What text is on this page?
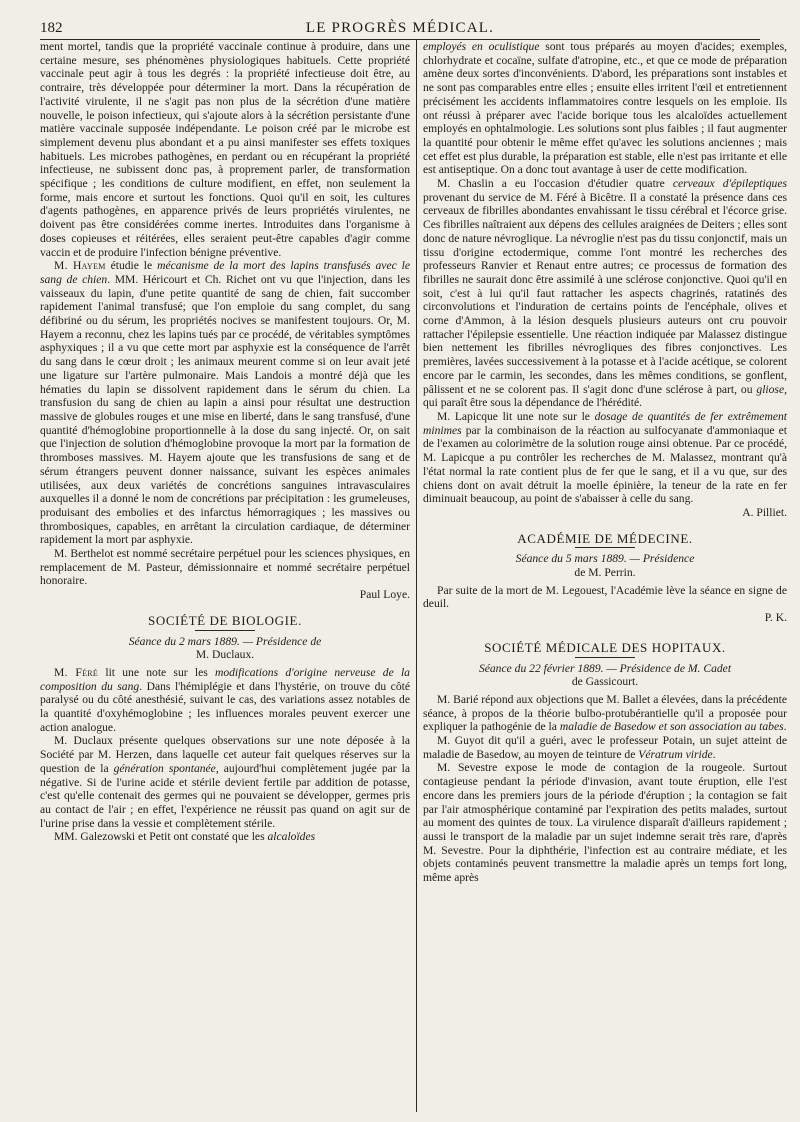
182	LE PROGRÈS MÉDICAL.

ment mortel, tandis que la propriété vaccinale continue à produire, dans une certaine mesure, ses phénomènes physiologiques habituels. Cette propriété vaccinale peut agir à tous les degrés : la propriété infectieuse doit être, au contraire, très développée pour déterminer la mort. Dans la récupération de l'activité virulente, il ne s'agit pas non plus de la sécrétion d'une matière nouvelle, le poison infectieux, qui s'ajoute alors à la sécrétion persistante d'une matière vaccinale supposée indépendante. Le poison créé par le microbe est simplement devenu plus abondant et a pu ainsi manifester ses effets toxiques habituels. Les microbes pathogènes, en perdant ou en récupérant la propriété infectieuse, ne subissent donc pas, à proprement parler, de transformation spécifique ; les conditions de culture modifient, en effet, non seulement la forme, mais encore et surtout les fonctions. Quoi qu'il en soit, les cultures d'agents pathogènes, en apparence privés de leurs propriétés virulentes, ne doivent pas être considérées comme inertes. Introduites dans l'organisme à doses copieuses et réitérées, elles seraient peut-être capables d'agir comme vaccin et de produire l'infection bénigne préventive.

M. Hayem étudie le mécanisme de la mort des lapins transfusés avec le sang de chien. MM. Héricourt et Ch. Richet ont vu que l'injection, dans les vaisseaux du lapin, d'une petite quantité de sang de chien, fait succomber rapidement l'animal transfusé; que l'on emploie du sang complet, du sang défibriné ou du sérum, les propriétés nocives se manifestent toujours. Or, M. Hayem a reconnu, chez les lapins tués par ce procédé, de véritables symptômes asphyxiques ; il a vu que cette mort par asphyxie est la conséquence de l'arrêt du sang dans le cœur droit ; les animaux meurent comme si on leur avait jeté une ligature sur l'artère pulmonaire. Mais Landois a montré déjà que les hématies du lapin se dissolvent rapidement dans le sérum du chien. La transfusion du sang de chien au lapin a ainsi pour résultat une destruction massive de globules rouges et une mise en liberté, dans le sang transfusé, d'une quantité d'hémoglobine proportionnelle à la dose du sang injecté. Or, on sait que l'injection de solution d'hémoglobine provoque la mort par la formation de thromboses massives. M. Hayem ajoute que les transfusions de sang et de sérum étrangers peuvent donner naissance, suivant les espèces animales utilisées, aux deux variétés de concrétions sanguines intravasculaires auxquelles il a donné le nom de concrétions par précipitation : les grumeleuses, produisant des embolies et des infarctus hémorragiques ; les massives ou thrombosiques, capables, en arrêtant la circulation cardiaque, de déterminer rapidement la mort par asphyxie.

M. Berthelot est nommé secrétaire perpétuel pour les sciences physiques, en remplacement de M. Pasteur, démissionnaire et nommé secrétaire perpétuel honoraire.

Paul Loye.

SOCIÉTÉ DE BIOLOGIE.

Séance du 2 mars 1889. — Présidence de

M. Duclaux.

M. Féré lit une note sur les modifications d'origine nerveuse de la composition du sang. Dans l'hémiplégie et dans l'hystérie, on trouve du côté paralysé ou du côté anesthésié, suivant le cas, des variations assez notables de la quantité d'oxyhémoglobine ; les influences morales peuvent exercer une action analogue.

M. Duclaux présente quelques observations sur une note déposée à la Société par M. Herzen, dans laquelle cet auteur fait quelques réserves sur la question de la génération spontanée, aujourd'hui complètement jugée par la négative. Si de l'urine acide et stérile devient fertile par addition de potasse, c'est qu'elle contenait des germes qui ne pouvaient se développer, germes pris au contact de l'air ; en effet, l'expérience ne réussit pas quand on agit sur de l'urine prise dans la vessie et complètement stérile.

MM. Galezowski et Petit ont constaté que les alcaloïdes

employés en oculistique sont tous préparés au moyen d'acides; exemples, chlorhydrate et cocaïne, sulfate d'atropine, etc., et que ce mode de préparation amène deux sortes d'inconvénients. D'abord, les préparations sont instables et ne sont pas comparables entre elles ; ensuite elles irritent l'œil et entretiennent précisément les accidents inflammatoires contre lesquels on les emploie. Ils ont réussi à préparer avec l'acide borique tous les alcaloïdes actuellement employés en ophtalmologie. Les solutions sont plus faibles ; il faut augmenter la quantité pour obtenir le même effet qu'avec les solutions anciennes ; mais cet effet est plus durable, la préparation est stable, elle n'est pas irritante et elle est antiseptique. On a donc tout avantage à user de cette modification.

M. Chaslin a eu l'occasion d'étudier quatre cerveaux d'épileptiques provenant du service de M. Féré à Bicêtre. Il a constaté la présence dans ces cerveaux de fibrilles abondantes envahissant le tissu cérébral et l'écorce grise. Ces fibrilles naîtraient aux dépens des cellules araignées de Deiters ; elles sont donc de nature névroglique. La névroglie n'est pas du tissu conjonctif, mais un tissu d'origine ectodermique, comme l'ont montré les recherches des professeurs Ranvier et Renaut entre autres; ce processus de formation des fibrilles ne saurait donc être assimilé à une sclérose conjonctive. Quoi qu'il en soit, c'est à lui qu'il faut rattacher les aspects chagrinés, ratatinés des circonvolutions et l'induration de certains points de l'encéphale, olives et corne d'Ammon, à la lésion desquels plusieurs auteurs ont cru pouvoir rattacher l'épilepsie essentielle. Une réaction indiquée par Malassez distingue bien nettement les fibrilles névrogliques des fibres conjonctives. Les premières, lavées successivement à la potasse et à l'acide acétique, se colorent encore par le carmin, les secondes, dans les mêmes conditions, se gonflent, pâlissent et ne se colorent pas. Il s'agit donc d'une sclérose à part, ou gliose, qui paraît être sous la dépendance de l'hérédité.

M. Lapicque lit une note sur le dosage de quantités de fer extrêmement minimes par la combinaison de la réaction au sulfocyanate d'ammoniaque et de l'examen au colorimètre de la solution rouge ainsi obtenue. Par ce procédé, M. Lapicque a pu contrôler les recherches de M. Malassez, montrant qu'à l'état normal la rate contient plus de fer que le sang, et il a vu que, sur des chiens dont on avait détruit la moelle épinière, la teneur de la rate en fer diminuait beaucoup, au point de s'abaisser à celle du sang.

A. Pilliet.

ACADÉMIE DE MÉDECINE.

Séance du 5 mars 1889. — Présidence

de M. Perrin.

Par suite de la mort de M. Legouest, l'Académie lève la séance en signe de deuil.

P. K.

SOCIÉTÉ MÉDICALE DES HOPITAUX.

Séance du 22 février 1889. — Présidence de M. Cadet

de Gassicourt.

M. Barié répond aux objections que M. Ballet a élevées, dans la précédente séance, à propos de la théorie bulbo-protubérantielle qu'il a proposée pour expliquer la pathogénie de la maladie de Basedow et son association au tabes.

M. Guyot dit qu'il a guéri, avec le professeur Potain, un sujet atteint de maladie de Basedow, au moyen de teinture de Vératrum viride.

M. Sevestre expose le mode de contagion de la rougeole. Surtout contagieuse pendant la période d'invasion, avant toute éruption, elle l'est encore dans les premiers jours de la période d'éruption ; la contagion se fait par l'air atmosphérique contaminé par l'expiration des petits malades, surtout au moment des quintes de toux. La virulence disparaît d'ailleurs rapidement ; aussi le transport de la maladie par un sujet indemne serait très rare, d'après M. Sevestre. Pour la diphthérie, l'infection est au contraire médiate, et les objets contaminés peuvent transmettre la maladie après un temps fort long, même après
